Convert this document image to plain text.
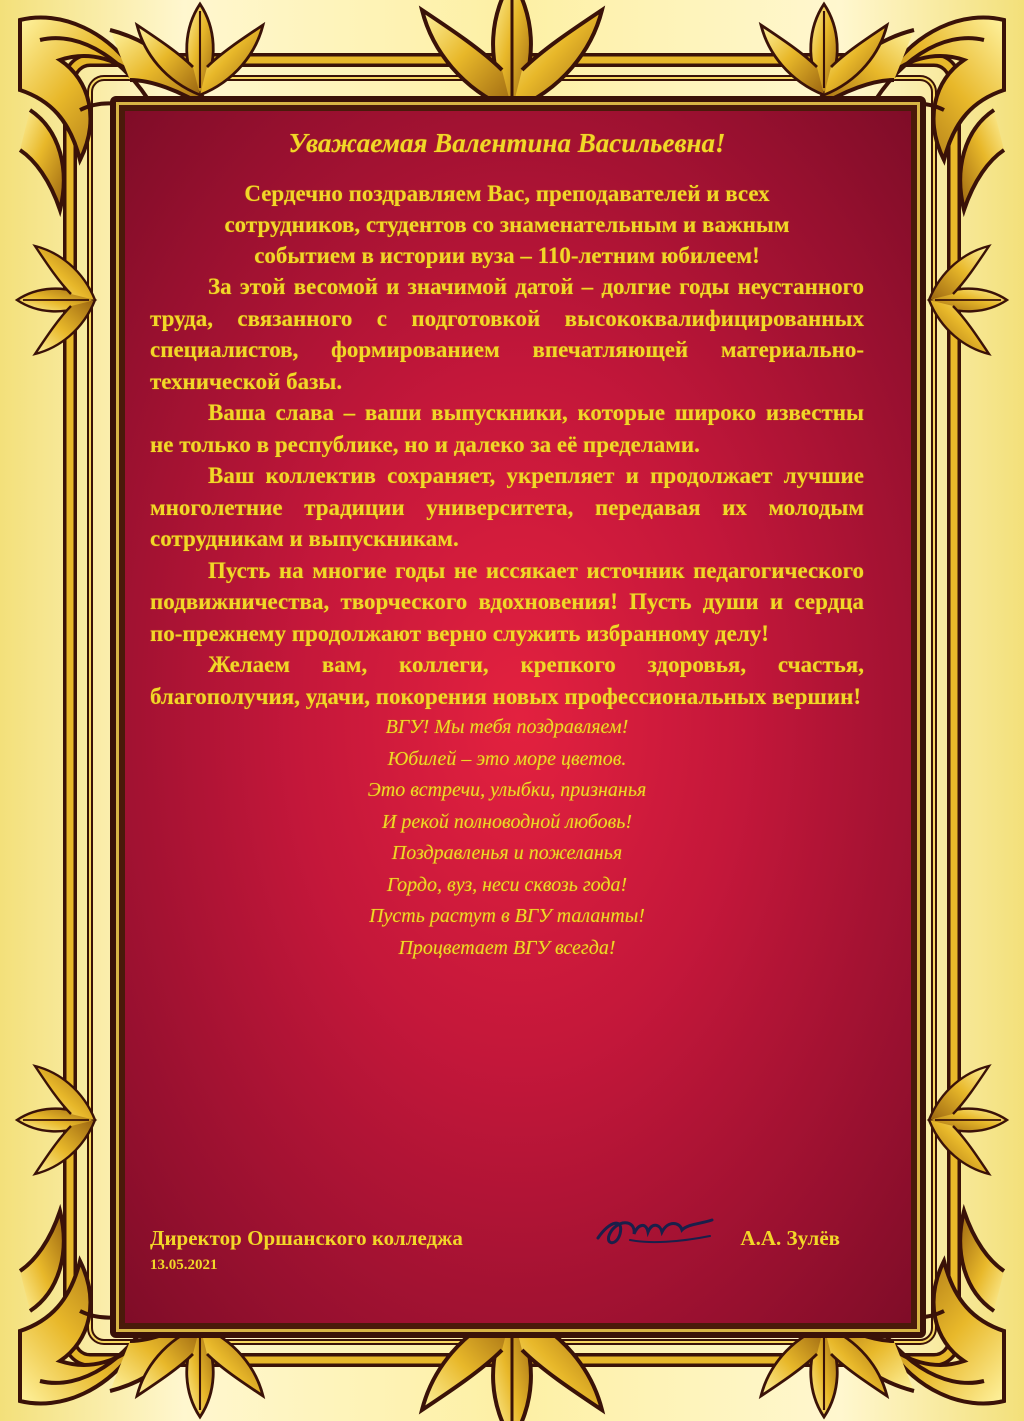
Уважаемая Валентина Васильевна!

Сердечно поздравляем Вас, преподавателей и всех сотрудников, студентов со знаменательным и важным событием в истории вуза – 110-летним юбилеем!

За этой весомой и значимой датой – долгие годы неустанного труда, связанного с подготовкой высококвалифицированных специалистов, формированием впечатляющей материально-технической базы.

Ваша слава – ваши выпускники, которые широко известны не только в республике, но и далеко за её пределами.

Ваш коллектив сохраняет, укрепляет и продолжает лучшие многолетние традиции университета, передавая их молодым сотрудникам и выпускникам.

Пусть на многие годы не иссякает источник педагогического подвижничества, творческого вдохновения! Пусть души и сердца по-прежнему продолжают верно служить избранному делу!

Желаем вам, коллеги, крепкого здоровья, счастья, благополучия, удачи, покорения новых профессиональных вершин!

ВГУ! Мы тебя поздравляем!
Юбилей – это море цветов.
Это встречи, улыбки, признанья
И рекой полноводной любовь!
Поздравленья и пожеланья
Гордо, вуз, неси сквозь года!
Пусть растут в ВГУ таланты!
Процветает ВГУ всегда!
Директор Оршанского колледжа	А.А. Зулёв
13.05.2021
